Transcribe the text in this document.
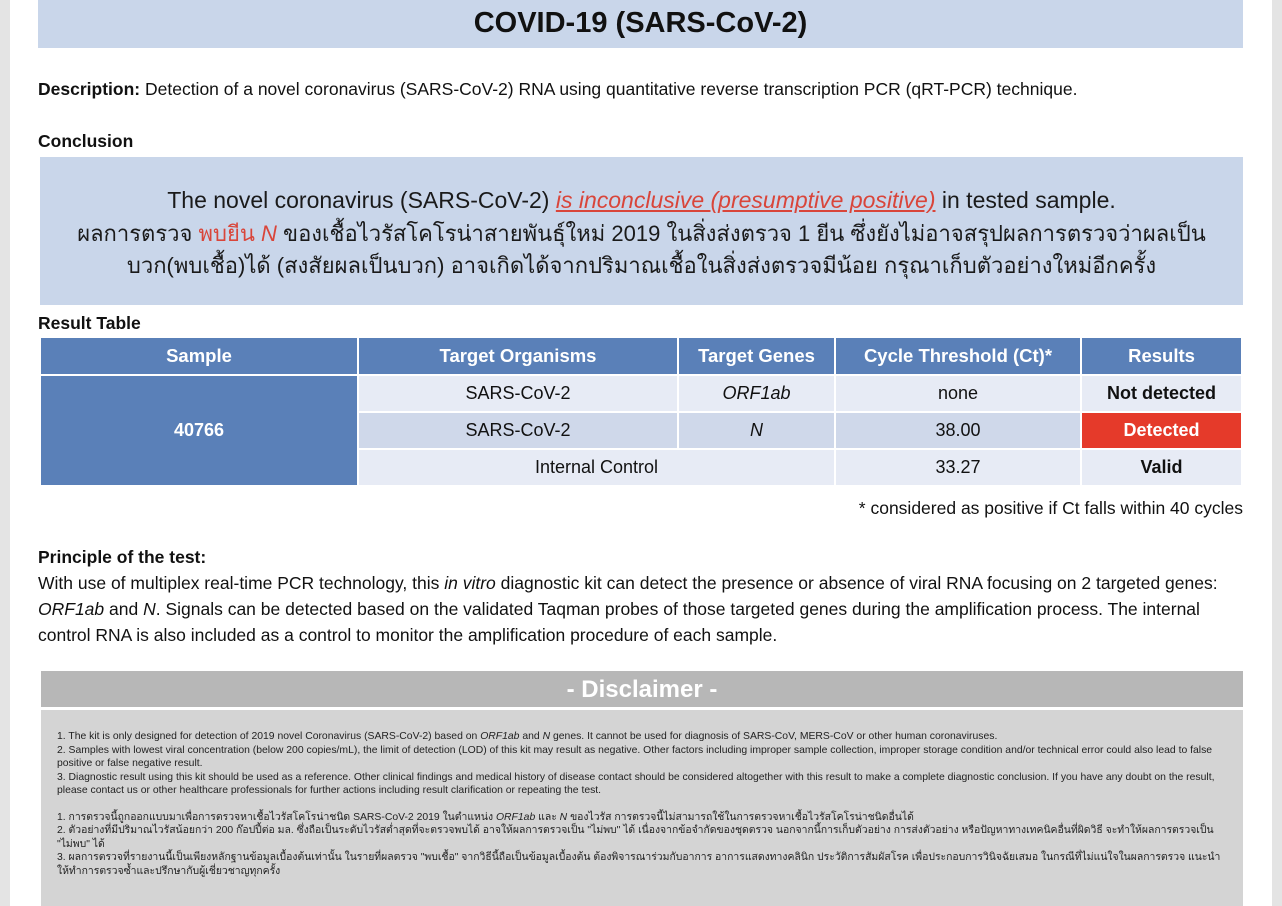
COVID-19 (SARS-CoV-2)
Description: Detection of a novel coronavirus (SARS-CoV-2) RNA using quantitative reverse transcription PCR (qRT-PCR) technique.
Conclusion
The novel coronavirus (SARS-CoV-2) is inconclusive (presumptive positive) in tested sample.
ผลการตรวจ พบยีน N ของเชื้อไวรัสโคโรน่าสายพันธุ์ใหม่ 2019 ในสิ่งส่งตรวจ 1 ยีน ซึ่งยังไม่อาจสรุปผลการตรวจว่าผลเป็น
บวก(พบเชื้อ)ได้ (สงสัยผลเป็นบวก) อาจเกิดได้จากปริมาณเชื้อในสิ่งส่งตรวจมีน้อย กรุณาเก็บตัวอย่างใหม่อีกครั้ง
Result Table
Sample	Target Organisms	Target Genes	Cycle Threshold (Ct)*	Results
40766	SARS-CoV-2	ORF1ab	none	Not detected
	SARS-CoV-2	N	38.00	Detected
	Internal Control		33.27	Valid
* considered as positive if Ct falls within 40 cycles
Principle of the test:
With use of multiplex real-time PCR technology, this in vitro diagnostic kit can detect the presence or absence of viral RNA focusing on 2 targeted genes: ORF1ab and N. Signals can be detected based on the validated Taqman probes of those targeted genes during the amplification process. The internal control RNA is also included as a control to monitor the amplification procedure of each sample.
- Disclaimer -

1. The kit is only designed for detection of 2019 novel Coronavirus (SARS-CoV-2) based on ORF1ab and N genes. It cannot be used for diagnosis of SARS-CoV, MERS-CoV or other human coronaviruses.

2. Samples with lowest viral concentration (below 200 copies/mL), the limit of detection (LOD) of this kit may result as negative. Other factors including improper sample collection, improper storage condition and/or technical error could also lead to false positive or false negative result.

3. Diagnostic result using this kit should be used as a reference. Other clinical findings and medical history of disease contact should be considered altogether with this result to make a complete diagnostic conclusion. If you have any doubt on the result, please contact us or other healthcare professionals for further actions including result clarification or repeating the test.

1. การตรวจนี้ถูกออกแบบมาเพื่อการตรวจหาเชื้อไวรัสโคโรน่าชนิด SARS-CoV-2 2019 ในตำแหน่ง ORF1ab และ N ของไวรัส การตรวจนี้ไม่สามารถใช้ในการตรวจหาเชื้อไวรัสโคโรน่าชนิดอื่นได้

2. ตัวอย่างที่มีปริมาณไวรัสน้อยกว่า 200 ก๊อปปี้ต่อ มล. ซึ่งถือเป็นระดับไวรัสต่ำสุดที่จะตรวจพบได้ อาจให้ผลการตรวจเป็น "ไม่พบ" ได้ เนื่องจากข้อจำกัดของชุดตรวจ นอกจากนี้การเก็บตัวอย่าง การส่งตัวอย่าง หรือปัญหาทางเทคนิคอื่นที่ผิดวิธี จะทำให้ผลการตรวจเป็น "ไม่พบ" ได้

3. ผลการตรวจที่รายงานนี้เป็นเพียงหลักฐานข้อมูลเบื้องต้นเท่านั้น ในรายที่ผลตรวจ "พบเชื้อ" จากวิธีนี้ถือเป็นข้อมูลเบื้องต้น ต้องพิจารณาร่วมกับอาการ อาการแสดงทางคลินิก ประวัติการสัมผัสโรค เพื่อประกอบการวินิจฉัยเสมอ ในกรณีที่ไม่แน่ใจในผลการตรวจ แนะนำให้ทำการตรวจซ้ำและปรึกษากับผู้เชี่ยวชาญทุกครั้ง
